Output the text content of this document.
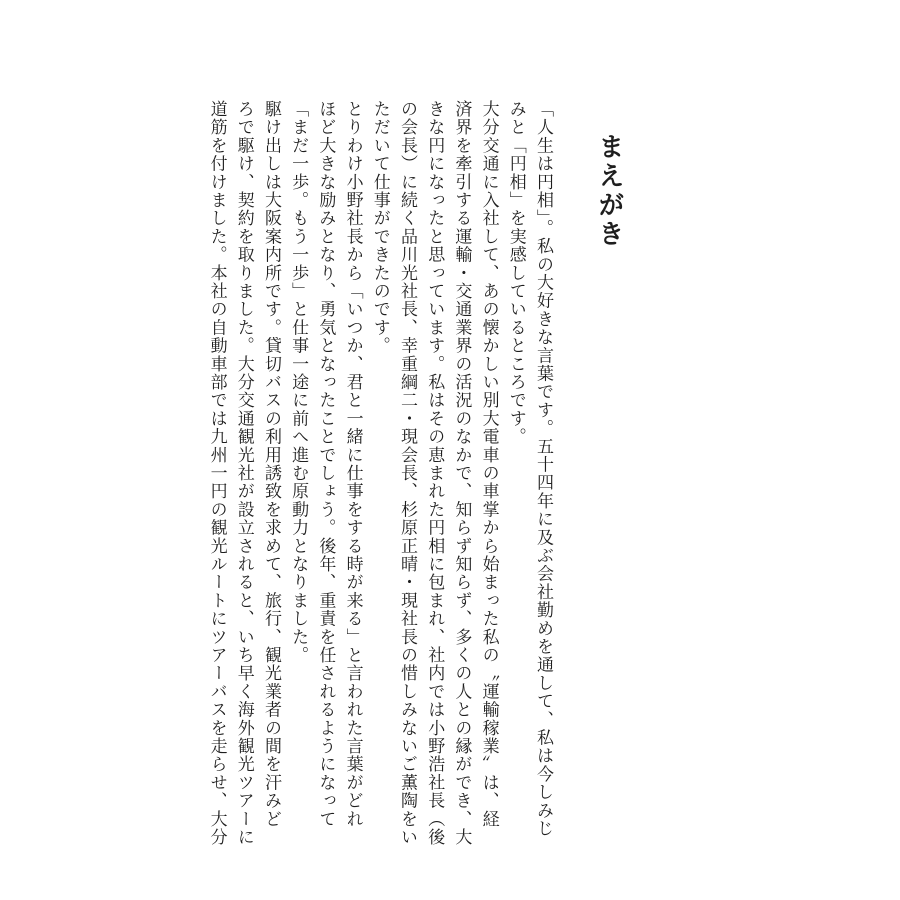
まえがき
「人生は円相」。私の大好きな言葉です。五十四年に及ぶ会社勤めを通して、私は今しみじ
みと「円相」を実感しているところです。
大分交通に入社して、あの懐かしい別大電車の車掌から始まった私の〝運輸稼業〟は、経
済界を牽引する運輸・交通業界の活況のなかで、知らず知らず、多くの人との縁ができ、大
きな円になったと思っています。私はその恵まれた円相に包まれ、社内では小野浩社長（後
の会長）に続く品川光社長、幸重綱二・現会長、杉原正晴・現社長の惜しみないご薫陶をい
ただいて仕事ができたのです。
とりわけ小野社長から「いつか、君と一緒に仕事をする時が来る」と言われた言葉がどれ
ほど大きな励みとなり、勇気となったことでしょう。後年、重責を任されるようになって
「まだ一歩。もう一歩」と仕事一途に前へ進む原動力となりました。
駆け出しは大阪案内所です。貸切バスの利用誘致を求めて、旅行、観光業者の間を汗みど
ろで駆け、契約を取りました。大分交通観光社が設立されると、いち早く海外観光ツアーに
道筋を付けました。本社の自動車部では九州一円の観光ルートにツアーバスを走らせ、大分
